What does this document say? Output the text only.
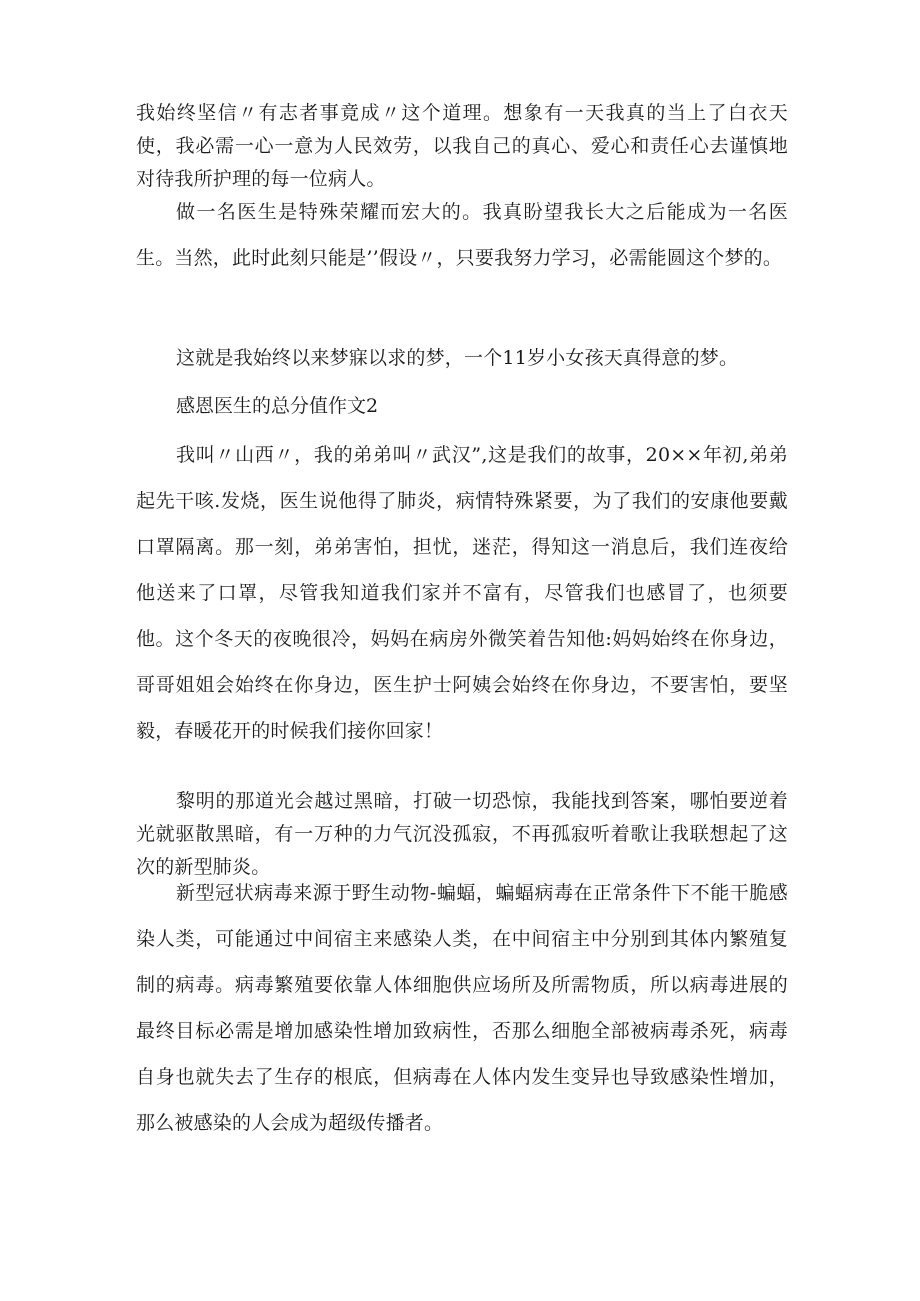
我始终坚信〃有志者事竟成〃这个道理。想象有一天我真的当上了白衣天使，我必需一心一意为人民效劳，以我自己的真心、爱心和责任心去谨慎地对待我所护理的每一位病人。

做一名医生是特殊荣耀而宏大的。我真盼望我长大之后能成为一名医生。当然，此时此刻只能是’’假设〃，只要我努力学习，必需能圆这个梦的。

这就是我始终以来梦寐以求的梦，一个11岁小女孩天真得意的梦。

感恩医生的总分值作文2

我叫〃山西〃，我的弟弟叫〃武汉”,这是我们的故事，20××年初,弟弟起先干咳.发烧，医生说他得了肺炎，病情特殊紧要，为了我们的安康他要戴口罩隔离。那一刻，弟弟害怕，担忧，迷茫，得知这一消息后，我们连夜给他送来了口罩，尽管我知道我们家并不富有，尽管我们也感冒了，也须要他。这个冬天的夜晚很冷，妈妈在病房外微笑着告知他:妈妈始终在你身边，哥哥姐姐会始终在你身边，医生护士阿姨会始终在你身边，不要害怕，要坚毅，春暖花开的时候我们接你回家！

黎明的那道光会越过黑暗，打破一切恐惊，我能找到答案，哪怕要逆着光就驱散黑暗，有一万种的力气沉没孤寂，不再孤寂听着歌让我联想起了这次的新型肺炎。

新型冠状病毒来源于野生动物-蝙蝠，蝙蝠病毒在正常条件下不能干脆感染人类，可能通过中间宿主来感染人类，在中间宿主中分别到其体内繁殖复制的病毒。病毒繁殖要依靠人体细胞供应场所及所需物质，所以病毒进展的最终目标必需是增加感染性增加致病性，否那么细胞全部被病毒杀死，病毒自身也就失去了生存的根底，但病毒在人体内发生变异也导致感染性增加，那么被感染的人会成为超级传播者。
